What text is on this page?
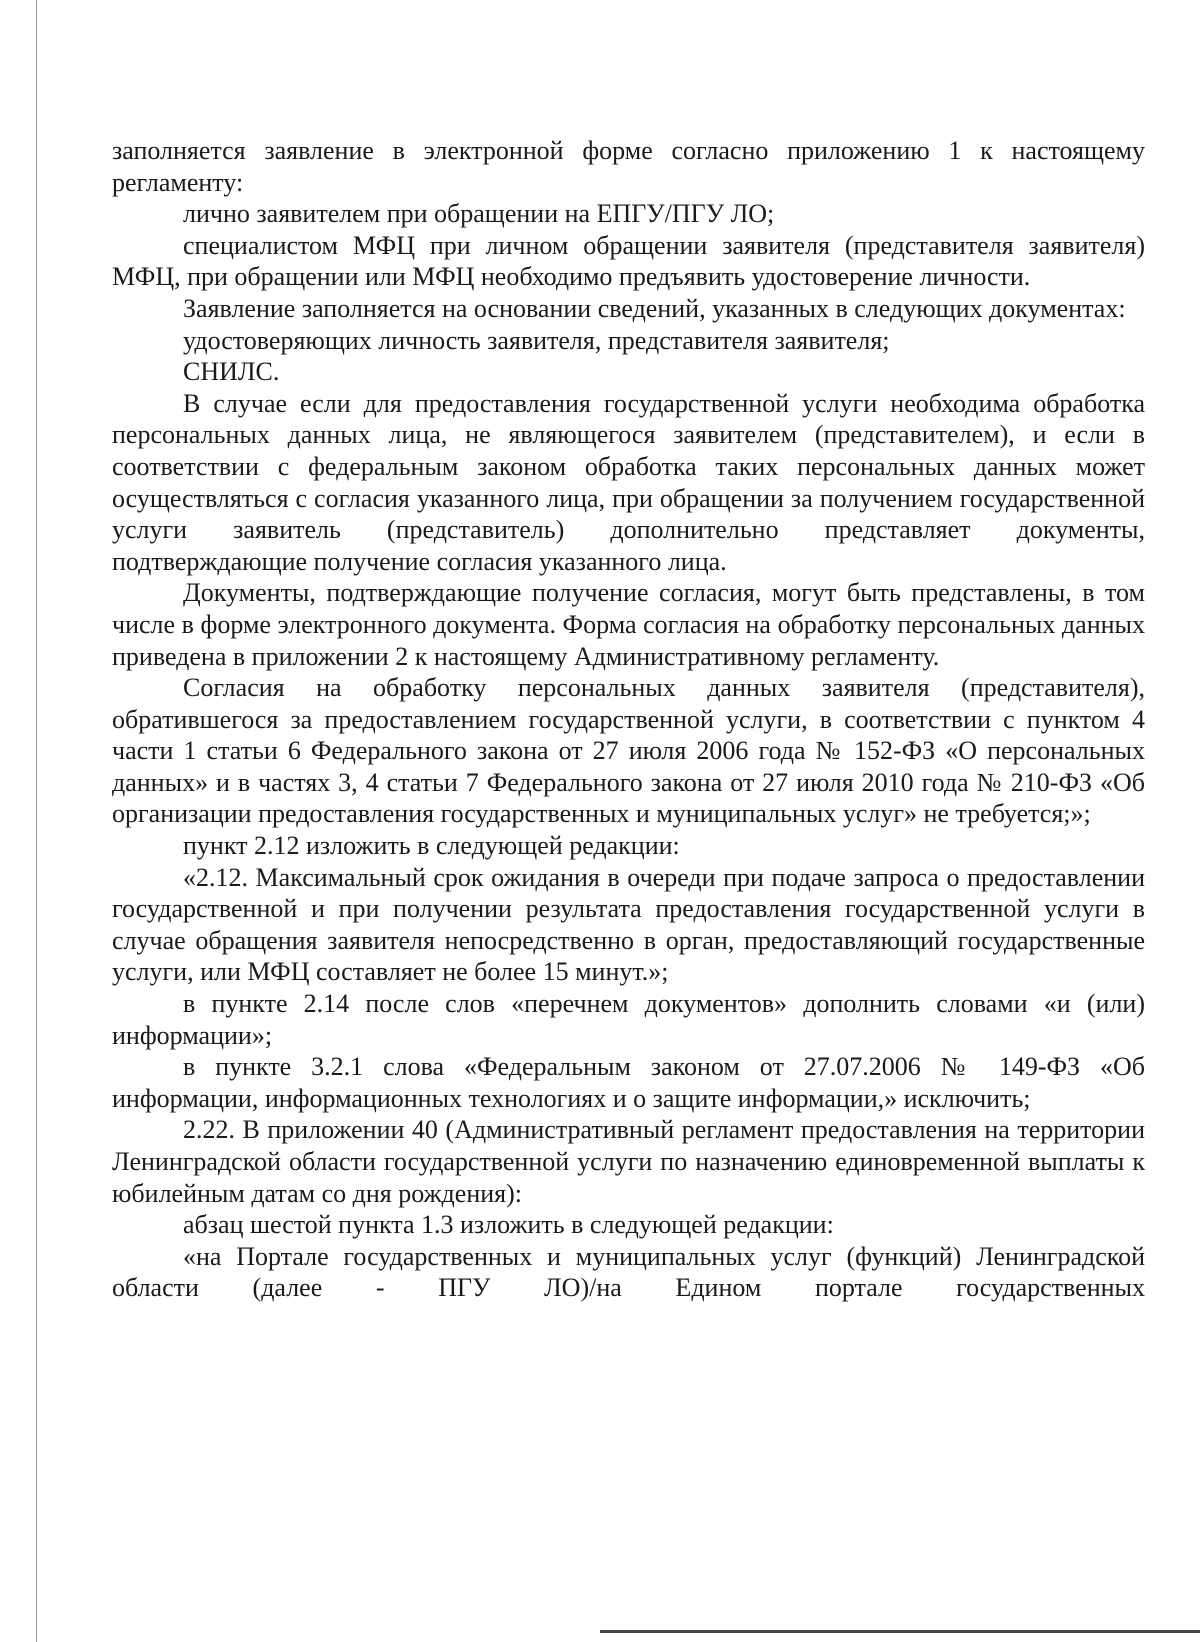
заполняется заявление в электронной форме согласно приложению 1 к настоящему регламенту:

лично заявителем при обращении на ЕПГУ/ПГУ ЛО;

специалистом МФЦ при личном обращении заявителя (представителя заявителя) МФЦ, при обращении или МФЦ необходимо предъявить удостоверение личности.

Заявление заполняется на основании сведений, указанных в следующих документах:

удостоверяющих личность заявителя, представителя заявителя;

СНИЛС.

В случае если для предоставления государственной услуги необходима обработка персональных данных лица, не являющегося заявителем (представителем), и если в соответствии с федеральным законом обработка таких персональных данных может осуществляться с согласия указанного лица, при обращении за получением государственной услуги заявитель (представитель) дополнительно представляет документы, подтверждающие получение согласия указанного лица.

Документы, подтверждающие получение согласия, могут быть представлены, в том числе в форме электронного документа. Форма согласия на обработку персональных данных приведена в приложении 2 к настоящему Административному регламенту.

Согласия на обработку персональных данных заявителя (представителя), обратившегося за предоставлением государственной услуги, в соответствии с пунктом 4 части 1 статьи 6 Федерального закона от 27 июля 2006 года № 152-ФЗ «О персональных данных» и в частях 3, 4 статьи 7 Федерального закона от 27 июля 2010 года № 210-ФЗ «Об организации предоставления государственных и муниципальных услуг» не требуется;»;

пункт 2.12 изложить в следующей редакции:

«2.12. Максимальный срок ожидания в очереди при подаче запроса о предоставлении государственной и при получении результата предоставления государственной услуги в случае обращения заявителя непосредственно в орган, предоставляющий государственные услуги, или МФЦ составляет не более 15 минут.»;

в пункте 2.14 после слов «перечнем документов» дополнить словами «и (или) информации»;

в пункте 3.2.1 слова «Федеральным законом от 27.07.2006 № 149-ФЗ «Об информации, информационных технологиях и о защите информации,» исключить;

2.22. В приложении 40 (Административный регламент предоставления на территории Ленинградской области государственной услуги по назначению единовременной выплаты к юбилейным датам со дня рождения):

абзац шестой пункта 1.3 изложить в следующей редакции:

«на Портале государственных и муниципальных услуг (функций) Ленинградской области (далее - ПГУ ЛО)/на Едином портале государственных
